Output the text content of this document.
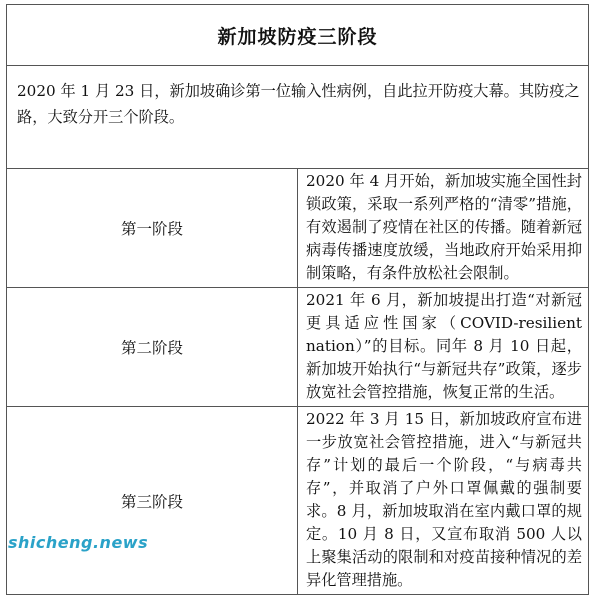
新加坡防疫三阶段	
2020 年 1 月 23 日，新加坡确诊第一位输入性病例，自此拉开防疫大幕。其防疫之路，大致分开三个阶段。	
第一阶段	2020 年 4 月开始，新加坡实施全国性封锁政策，采取一系列严格的“清零”措施，有效遏制了疫情在社区的传播。随着新冠病毒传播速度放缓，当地政府开始采用抑制策略，有条件放松社会限制。
第二阶段	2021 年 6 月，新加坡提出打造“对新冠更具适应性国家（COVID-resilient nation）”的目标。同年 8 月 10 日起，新加坡开始执行“与新冠共存”政策，逐步放宽社会管控措施，恢复正常的生活。
第三阶段	2022 年 3 月 15 日，新加坡政府宣布进一步放宽社会管控措施，进入“与新冠共存”计划的最后一个阶段，“与病毒共存”，并取消了户外口罩佩戴的强制要求。8 月，新加坡取消在室内戴口罩的规定。10 月 8 日，又宣布取消 500 人以上聚集活动的限制和对疫苗接种情况的差异化管理措施。
shicheng.news
